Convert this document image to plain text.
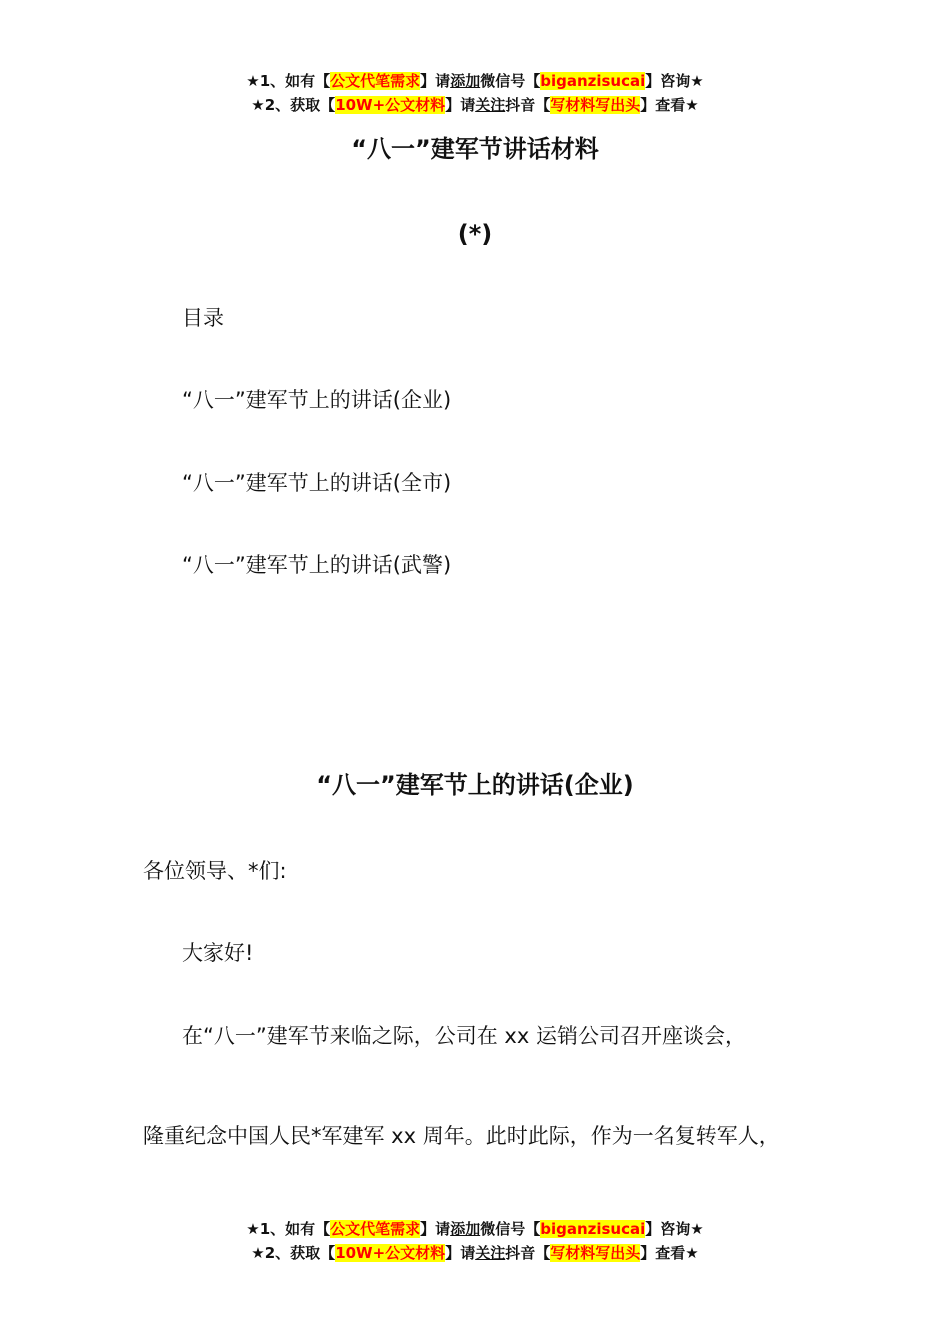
★1、如有【公文代笔需求】请添加微信号【biganzisucai】咨询★
★2、获取【10W+公文材料】请关注抖音【写材料写出头】查看★
“八一”建军节讲话材料
(*)
目录
“八一”建军节上的讲话(企业)
“八一”建军节上的讲话(全市)
“八一”建军节上的讲话(武警)
“八一”建军节上的讲话(企业)
各位领导、*们:
大家好!
在“八一”建军节来临之际，公司在 xx 运销公司召开座谈会，
隆重纪念中国人民*军建军 xx 周年。此时此际，作为一名复转军人，
★1、如有【公文代笔需求】请添加微信号【biganzisucai】咨询★
★2、获取【10W+公文材料】请关注抖音【写材料写出头】查看★
